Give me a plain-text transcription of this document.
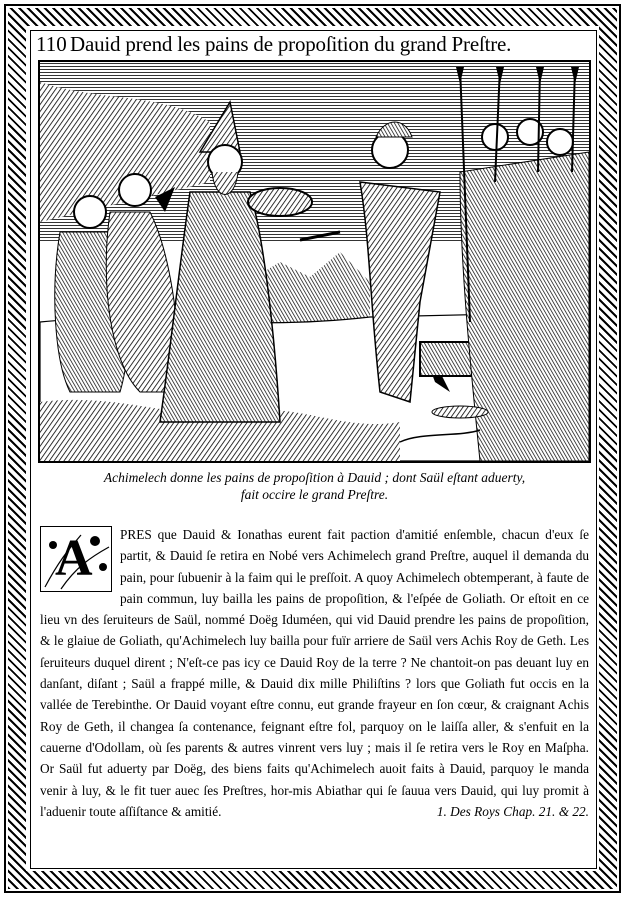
110 Dauid prend les pains de propoſition du grand Preſtre.
Achimelech donne les pains de propoſition à Dauid ; dont Saül eſtant aduerty,
fait occire le grand Preſtre.
A PRES que Dauid & Ionathas eurent fait paction d'amitié enſemble, chacun d'eux ſe partit, & Dauid ſe retira en Nobé vers Achimelech grand Preſtre, auquel il demanda du pain, pour ſubuenir à la faim qui le preſſoit. A quoy Achimelech obtemperant, à faute de pain commun, luy bailla les pains de propoſition, & l'eſpée de Goliath. Or eſtoit en ce lieu vn des ſeruiteurs de Saül, nommé Doëg Iduméen, qui vid Dauid prendre les pains de propoſition, & le glaiue de Goliath, qu'Achimelech luy bailla pour fuïr arriere de Saül vers Achis Roy de Geth. Les ſeruiteurs duquel dirent ; N'eſt-ce pas icy ce Dauid Roy de la terre ? Ne chantoit-on pas deuant luy en danſant, diſant ; Saül a frappé mille, & Dauid dix mille Philiſtins ? lors que Goliath fut occis en la vallée de Terebinthe. Or Dauid voyant eſtre connu, eut grande frayeur en ſon cœur, & craignant Achis Roy de Geth, il changea ſa contenance, feignant eſtre fol, parquoy on le laiſſa aller, & s'enfuit en la cauerne d'Odollam, où ſes parents & autres vinrent vers luy ; mais il ſe retira vers le Roy en Maſpha. Or Saül fut aduerty par Doëg, des biens faits qu'Achimelech auoit faits à Dauid, parquoy le manda venir à luy, & le fit tuer auec ſes Preſtres, hor-mis Abiathar qui ſe ſauua vers Dauid, qui luy promit à l'aduenir toute aſſiſtance & amitié.	1. Des Roys Chap. 21. & 22.
